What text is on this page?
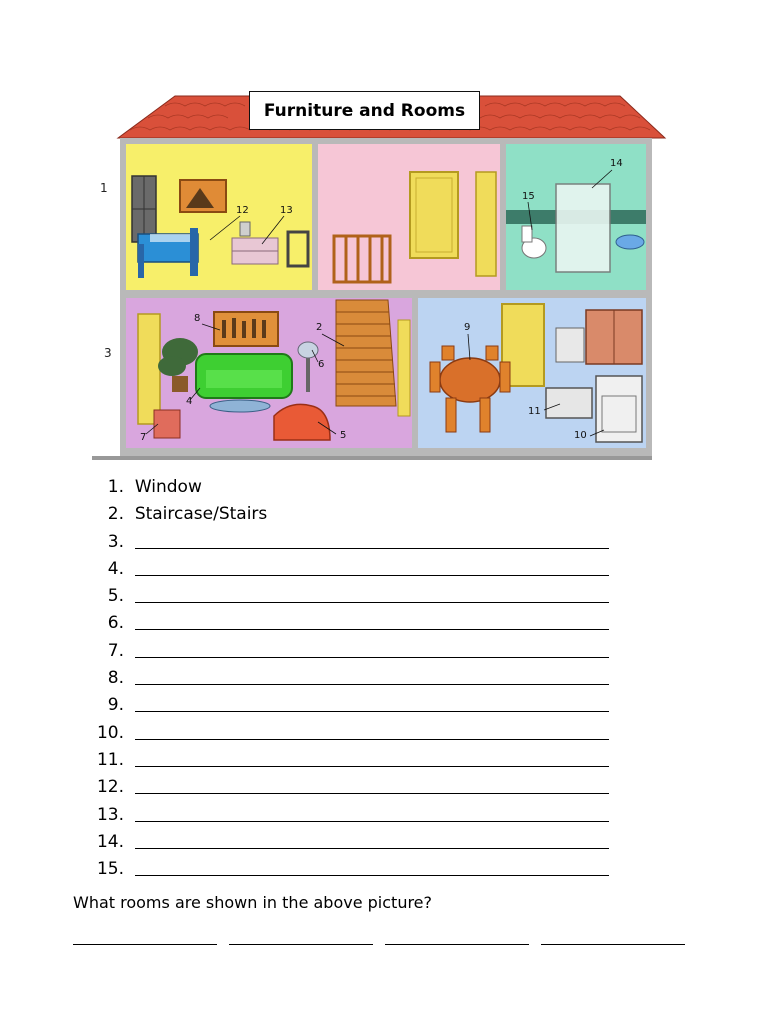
12	13
14
15
8
2
6
4
5
7
9
11
10
1
3
Furniture and Rooms
1. Window
2. Staircase/Stairs
3.
4.
5.
6.
7.
8.
9.
10.
11.
12.
13.
14.
15.
What rooms are shown in the above picture?
